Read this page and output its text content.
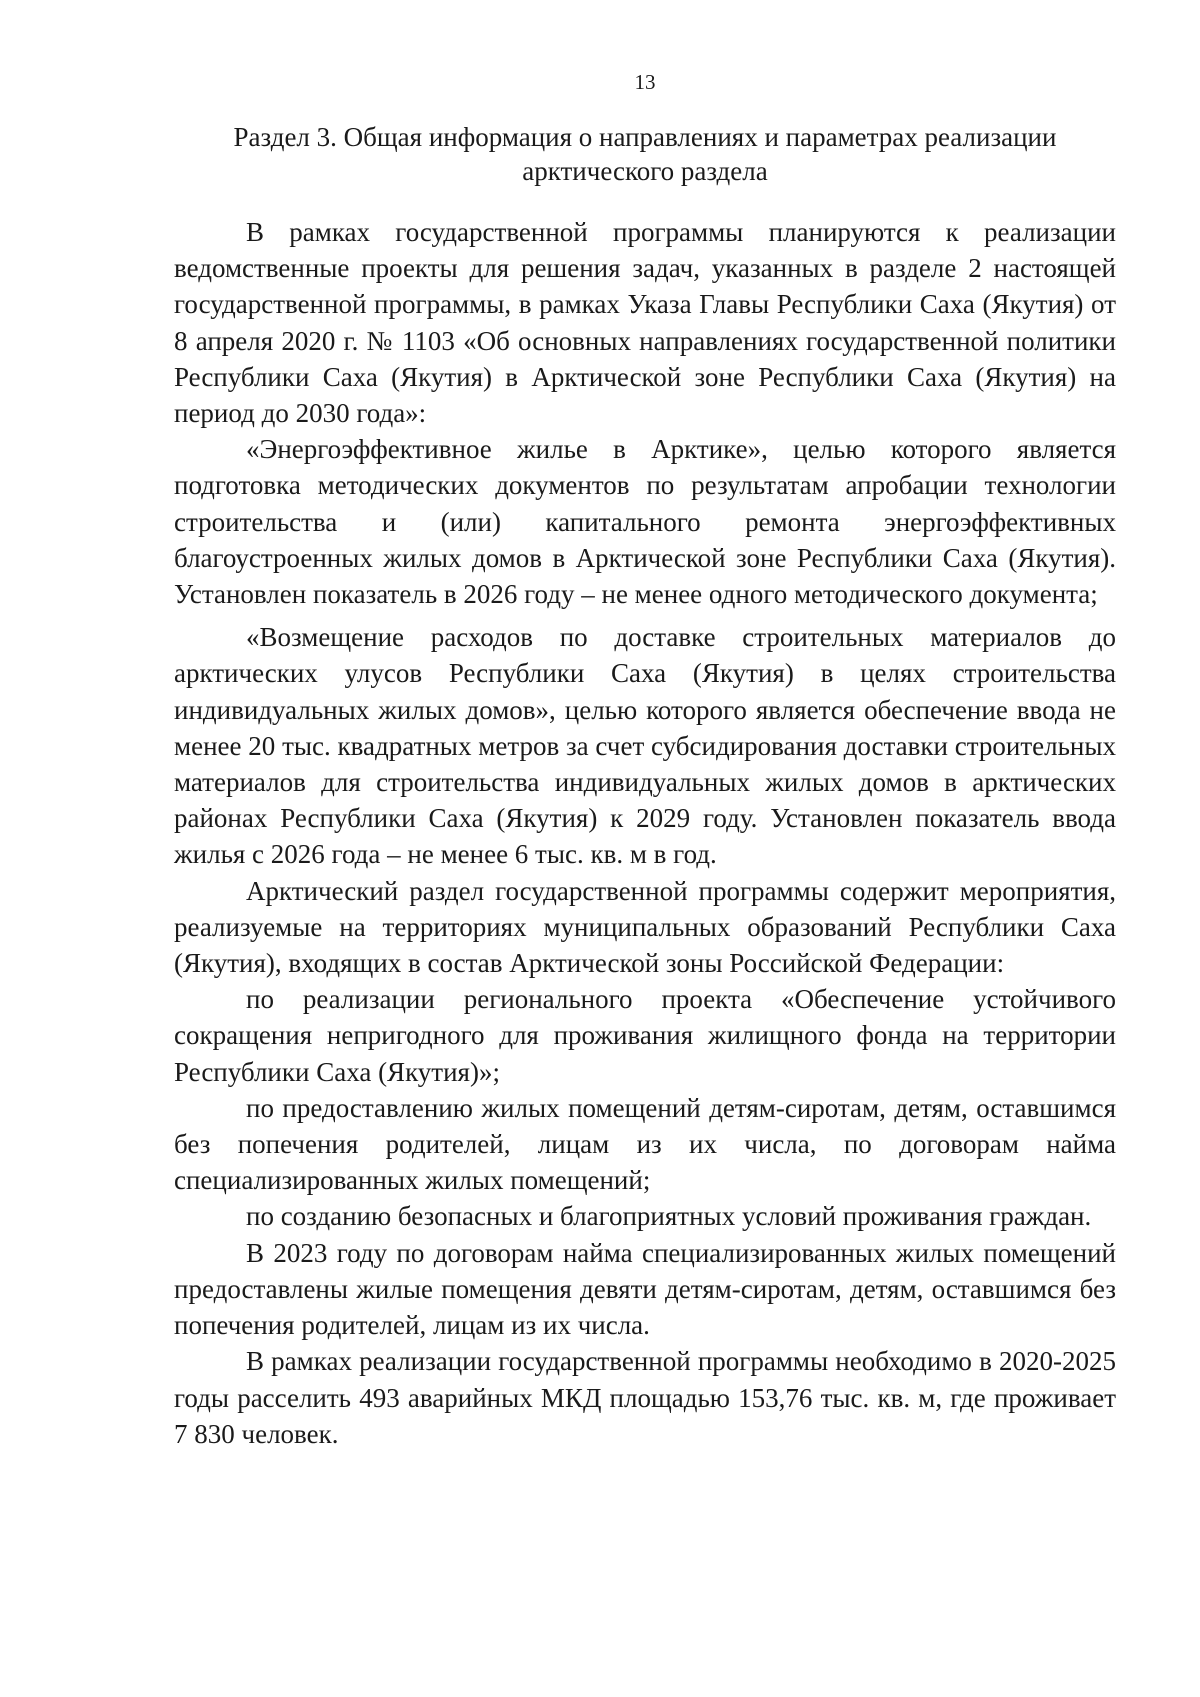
13
Раздел 3. Общая информация о направлениях и параметрах реализации арктического раздела

В рамках государственной программы планируются к реализации ведомственные проекты для решения задач, указанных в разделе 2 настоящей государственной программы, в рамках Указа Главы Республики Саха (Якутия) от 8 апреля 2020 г. № 1103 «Об основных направлениях государственной политики Республики Саха (Якутия) в Арктической зоне Республики Саха (Якутия) на период до 2030 года»:

«Энергоэффективное жилье в Арктике», целью которого является подготовка методических документов по результатам апробации технологии строительства и (или) капитального ремонта энергоэффективных благоустроенных жилых домов в Арктической зоне Республики Саха (Якутия). Установлен показатель в 2026 году – не менее одного методического документа;

«Возмещение расходов по доставке строительных материалов до арктических улусов Республики Саха (Якутия) в целях строительства индивидуальных жилых домов», целью которого является обеспечение ввода не менее 20 тыс. квадратных метров за счет субсидирования доставки строительных материалов для строительства индивидуальных жилых домов в арктических районах Республики Саха (Якутия) к 2029 году. Установлен показатель ввода жилья с 2026 года – не менее 6 тыс. кв. м в год.

Арктический раздел государственной программы содержит мероприятия, реализуемые на территориях муниципальных образований Республики Саха (Якутия), входящих в состав Арктической зоны Российской Федерации:

по реализации регионального проекта «Обеспечение устойчивого сокращения непригодного для проживания жилищного фонда на территории Республики Саха (Якутия)»;

по предоставлению жилых помещений детям-сиротам, детям, оставшимся без попечения родителей, лицам из их числа, по договорам найма специализированных жилых помещений;

по созданию безопасных и благоприятных условий проживания граждан.

В 2023 году по договорам найма специализированных жилых помещений предоставлены жилые помещения девяти детям-сиротам, детям, оставшимся без попечения родителей, лицам из их числа.

В рамках реализации государственной программы необходимо в 2020-2025 годы расселить 493 аварийных МКД площадью 153,76 тыс. кв. м, где проживает 7 830 человек.
